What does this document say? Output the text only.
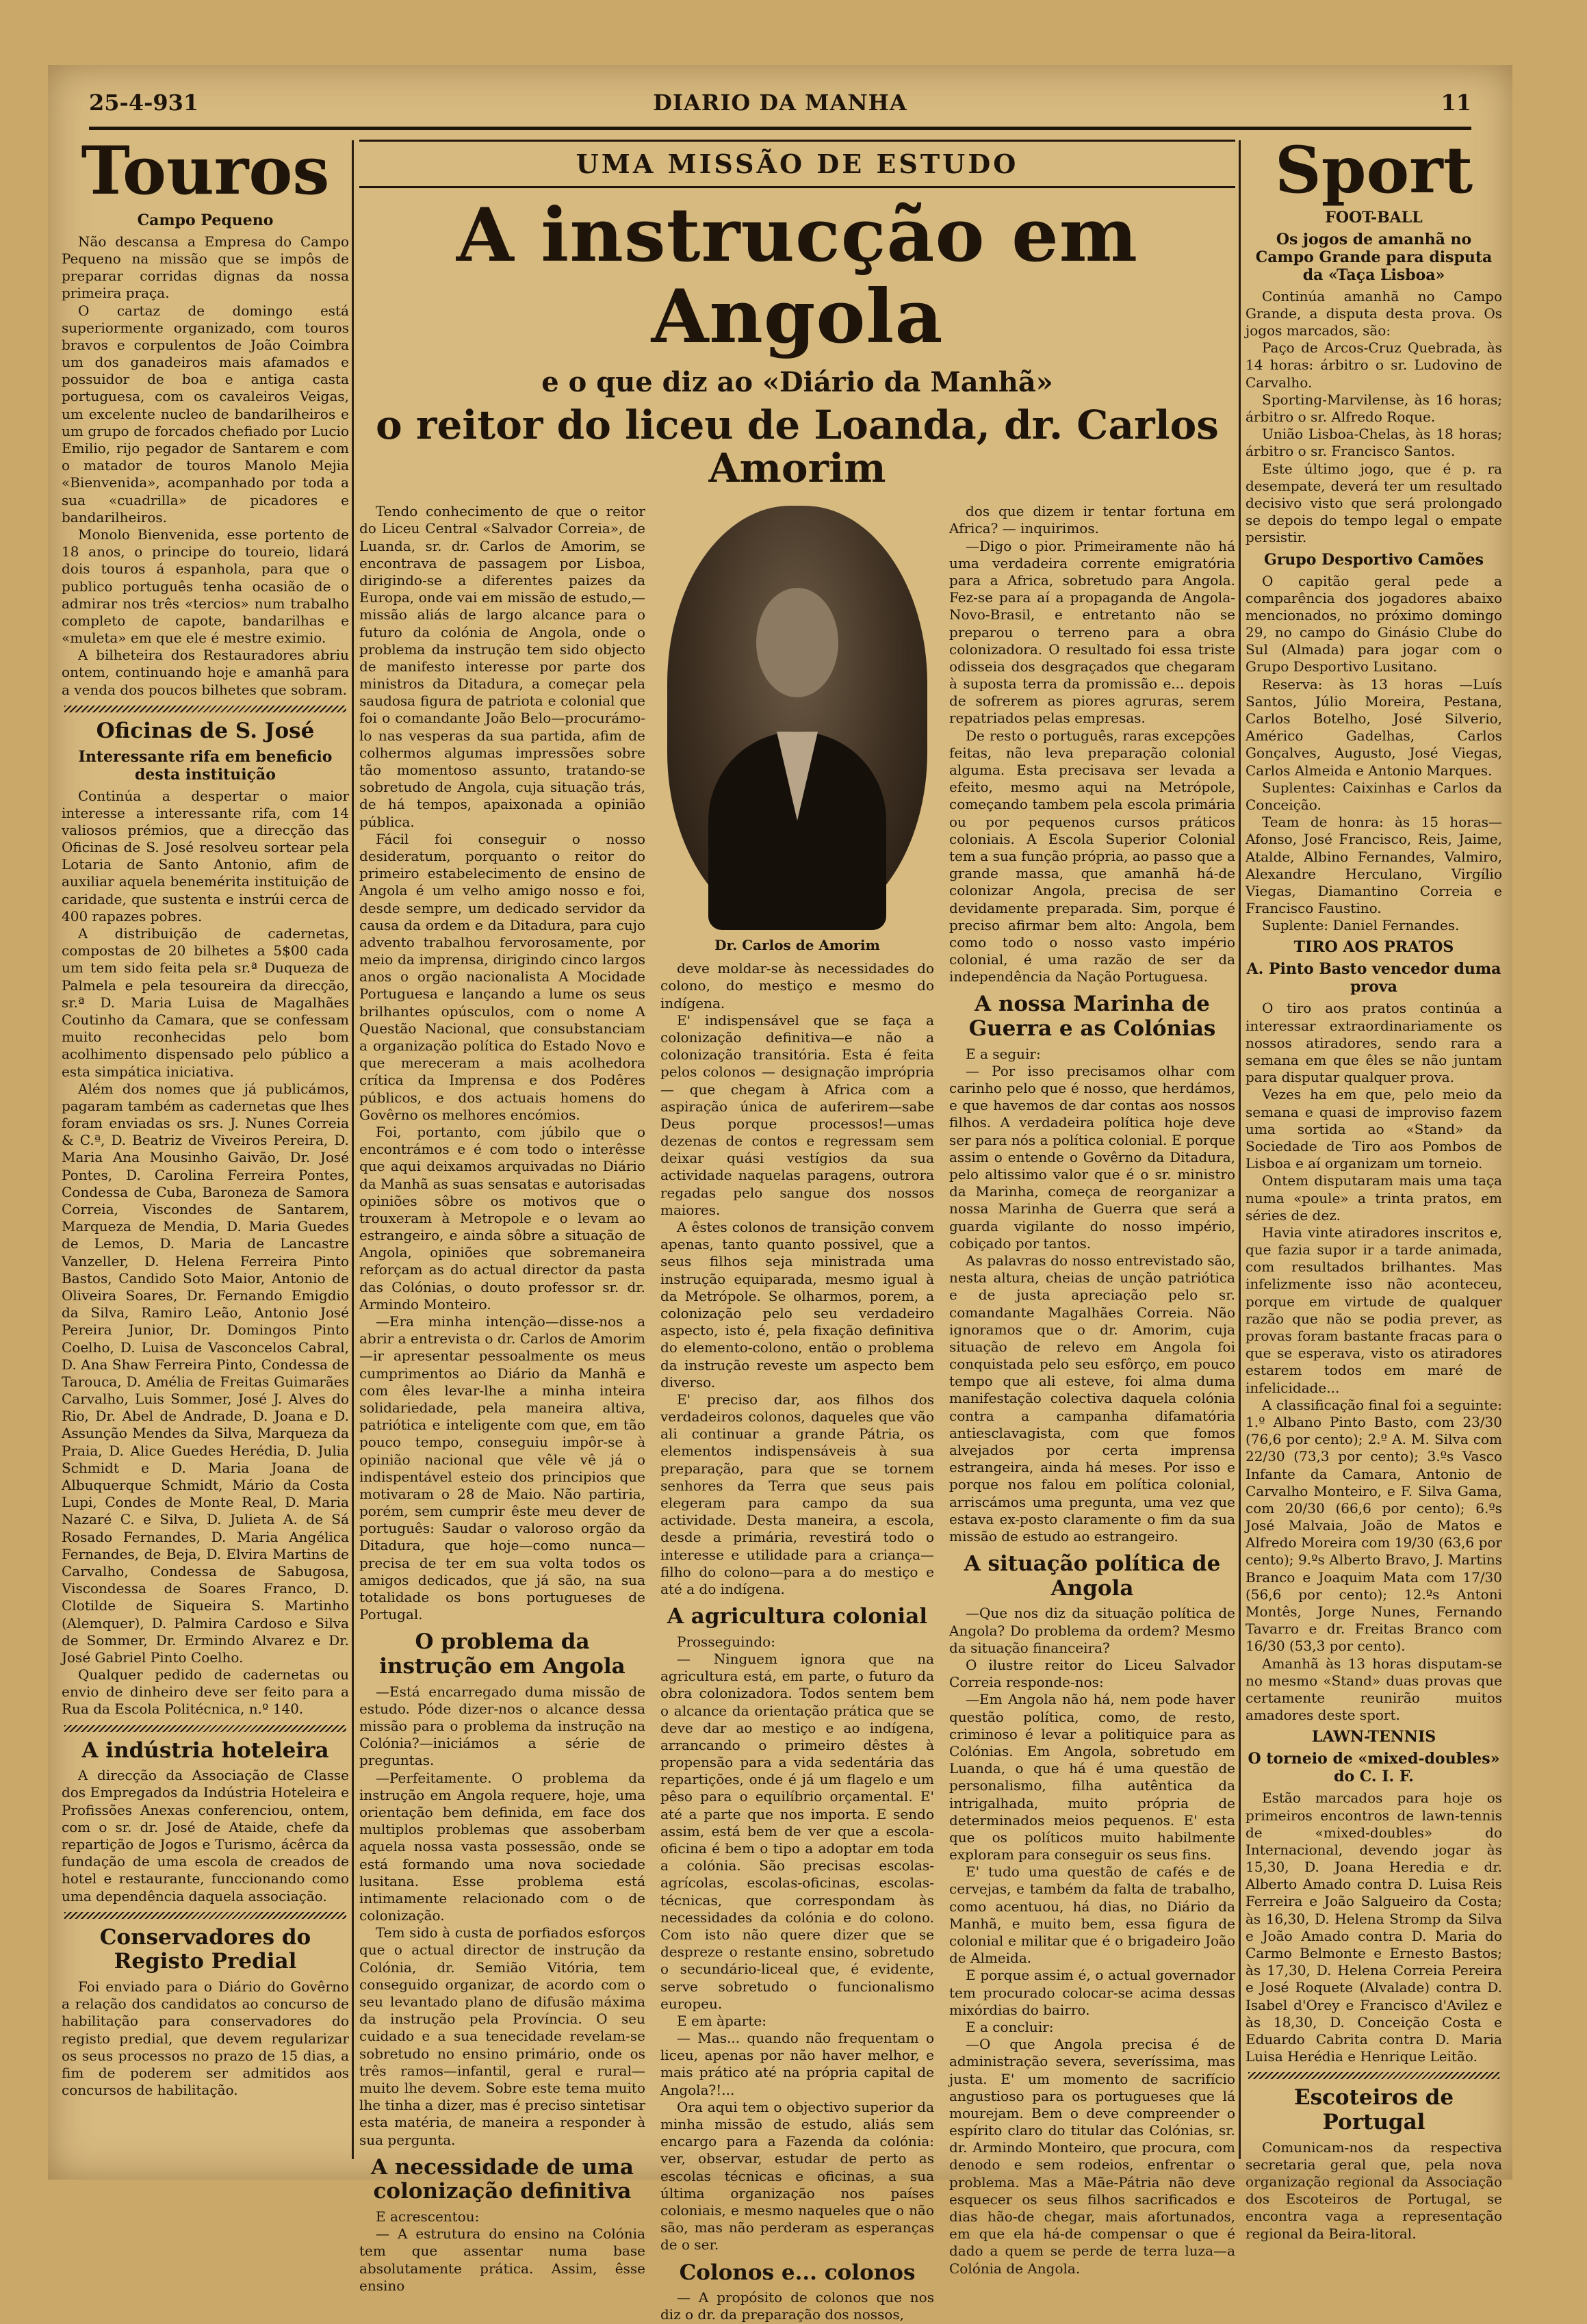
25-4-931	DIARIO DA MANHA	11
Touros
Campo Pequeno

Não descansa a Empresa do Campo Pequeno na missão que se impôs de preparar corridas dignas da nossa primeira praça.

O cartaz de domingo está superiormente organizado, com touros bravos e corpulentos de João Coimbra um dos ganadeiros mais afamados e possuidor de boa e antiga casta portuguesa, com os cavaleiros Veigas, um excelente nucleo de bandarilheiros e um grupo de forcados chefiado por Lucio Emilio, rijo pegador de Santarem e com o matador de touros Manolo Mejia «Bienvenida», acompanhado por toda a sua «cuadrilla» de picadores e bandarilheiros.

Monolo Bienvenida, esse portento de 18 anos, o principe do toureio, lidará dois touros á espanhola, para que o publico português tenha ocasião de o admirar nos três «tercios» num trabalho completo de capote, bandarilhas e «muleta» em que ele é mestre eximio.

A bilheteira dos Restauradores abriu ontem, continuando hoje e amanhã para a venda dos poucos bilhetes que sobram.

Oficinas de S. José
Interessante rifa em beneficio desta instituição

Continúa a despertar o maior interesse a interessante rifa, com 14 valiosos prémios, que a direcção das Oficinas de S. José resolveu sortear pela Lotaria de Santo Antonio, afim de auxiliar aquela benemérita instituição de caridade, que sustenta e instrúi cerca de 400 rapazes pobres.

A distribuição de cadernetas, compostas de 20 bilhetes a 5$00 cada um tem sido feita pela sr.ª Duqueza de Palmela e pela tesoureira da direcção, sr.ª D. Maria Luisa de Magalhães Coutinho da Camara, que se confessam muito reconhecidas pelo bom acolhimento dispensado pelo público a esta simpática iniciativa.

Além dos nomes que já publicámos, pagaram também as cadernetas que lhes foram enviadas os srs. J. Nunes Correia & C.ª, D. Beatriz de Viveiros Pereira, D. Maria Ana Mousinho Gaivão, Dr. José Pontes, D. Carolina Ferreira Pontes, Condessa de Cuba, Baroneza de Samora Correia, Viscondes de Santarem, Marqueza de Mendia, D. Maria Guedes de Lemos, D. Maria de Lancastre Vanzeller, D. Helena Ferreira Pinto Bastos, Candido Soto Maior, Antonio de Oliveira Soares, Dr. Fernando Emigdio da Silva, Ramiro Leão, Antonio José Pereira Junior, Dr. Domingos Pinto Coelho, D. Luisa de Vasconcelos Cabral, D. Ana Shaw Ferreira Pinto, Condessa de Tarouca, D. Amélia de Freitas Guimarães Carvalho, Luis Sommer, José J. Alves do Rio, Dr. Abel de Andrade, D. Joana e D. Assunção Mendes da Silva, Marqueza da Praia, D. Alice Guedes Herédia, D. Julia Schmidt e D. Maria Joana de Albuquerque Schmidt, Mário da Costa Lupi, Condes de Monte Real, D. Maria Nazaré C. e Silva, D. Julieta A. de Sá Rosado Fernandes, D. Maria Angélica Fernandes, de Beja, D. Elvira Martins de Carvalho, Condessa de Sabugosa, Viscondessa de Soares Franco, D. Clotilde de Siqueira S. Martinho (Alemquer), D. Palmira Cardoso e Silva de Sommer, Dr. Ermindo Alvarez e Dr. José Gabriel Pinto Coelho.

Qualquer pedido de cadernetas ou envio de dinheiro deve ser feito para a Rua da Escola Politécnica, n.º 140.

A indústria hoteleira

A direcção da Associação de Classe dos Empregados da Indústria Hoteleira e Profissões Anexas conferenciou, ontem, com o sr. dr. José de Ataide, chefe da repartição de Jogos e Turismo, ácêrca da fundação de uma escola de creados de hotel e restaurante, funccionando como uma dependência daquela associação.

Conservadores do Registo Predial

Foi enviado para o Diário do Govêrno a relação dos candidatos ao concurso de habilitação para conservadores do registo predial, que devem regularizar os seus processos no prazo de 15 dias, a fim de poderem ser admitidos aos concursos de habilitação.

UMA MISSÃO DE ESTUDO
A instrucção em Angola
e o que diz ao «Diário da Manhã»
o reitor do liceu de Loanda, dr. Carlos Amorim

Tendo conhecimento de que o reitor do Liceu Central «Salvador Correia», de Luanda, sr. dr. Carlos de Amorim, se encontrava de passagem por Lisboa, dirigindo-se a diferentes paizes da Europa, onde vai em missão de estudo,—missão aliás de largo alcance para o futuro da colónia de Angola, onde o problema da instrução tem sido objecto de manifesto interesse por parte dos ministros da Ditadura, a começar pela saudosa figura de patriota e colonial que foi o comandante João Belo—procurámo-lo nas vesperas da sua partida, afim de colhermos algumas impressões sobre tão momentoso assunto, tratando-se sobretudo de Angola, cuja situação trás, de há tempos, apaixonada a opinião pública.

Fácil foi conseguir o nosso desideratum, porquanto o reitor do primeiro estabelecimento de ensino de Angola é um velho amigo nosso e foi, desde sempre, um dedicado servidor da causa da ordem e da Ditadura, para cujo advento trabalhou fervorosamente, por meio da imprensa, dirigindo cinco largos anos o orgão nacionalista A Mocidade Portuguesa e lançando a lume os seus brilhantes opúsculos, com o nome A Questão Nacional, que consubstanciam a organização política do Estado Novo e que mereceram a mais acolhedora crítica da Imprensa e dos Podêres públicos, e dos actuais homens do Govêrno os melhores encómios.

Foi, portanto, com júbilo que o encontrámos e é com todo o interêsse que aqui deixamos arquivadas no Diário da Manhã as suas sensatas e autorisadas opiniões sôbre os motivos que o trouxeram à Metropole e o levam ao estrangeiro, e ainda sôbre a situação de Angola, opiniões que sobremaneira reforçam as do actual director da pasta das Colónias, o douto professor sr. dr. Armindo Monteiro.

—Era minha intenção—disse-nos a abrir a entrevista o dr. Carlos de Amorim—ir apresentar pessoalmente os meus cumprimentos ao Diário da Manhã e com êles levar-lhe a minha inteira solidariedade, pela maneira altiva, patriótica e inteligente com que, em tão pouco tempo, conseguiu impôr-se à opinião nacional que vêle vê já o indispentável esteio dos principios que motivaram o 28 de Maio. Não partiria, porém, sem cumprir êste meu dever de português: Saudar o valoroso orgão da Ditadura, que hoje—como nunca—precisa de ter em sua volta todos os amigos dedicados, que já são, na sua totalidade os bons portugueses de Portugal.

O problema da instrução em Angola

—Está encarregado duma missão de estudo. Póde dizer-nos o alcance dessa missão para o problema da instrução na Colónia?—iniciámos a série de preguntas.

—Perfeitamente. O problema da instrução em Angola requere, hoje, uma orientação bem definida, em face dos multiplos problemas que assoberbam aquela nossa vasta possessão, onde se está formando uma nova sociedade lusitana. Esse problema está intimamente relacionado com o de colonização.

Tem sido à custa de porfiados esforços que o actual director de instrução da Colónia, dr. Semião Vitória, tem conseguido organizar, de acordo com o seu levantado plano de difusão máxima da instrução pela Província. O seu cuidado e a sua tenecidade revelam-se sobretudo no ensino primário, onde os três ramos—infantil, geral e rural—muito lhe devem. Sobre este tema muito lhe tinha a dizer, mas é preciso sintetisar esta matéria, de maneira a responder à sua pergunta.

A necessidade de uma colonização definitiva

E acrescentou:

— A estrutura do ensino na Colónia tem que assentar numa base absolutamente prática. Assim, êsse ensino

Dr. Carlos de Amorim

deve moldar-se às necessidades do colono, do mestiço e mesmo do indígena.

E' indispensável que se faça a colonização definitiva—e não a colonização transitória. Esta é feita pelos colonos — designação imprópria — que chegam à Africa com a aspiração única de auferirem—sabe Deus porque processos!—umas dezenas de contos e regressam sem deixar quási vestígios da sua actividade naquelas paragens, outrora regadas pelo sangue dos nossos maiores.

A êstes colonos de transição convem apenas, tanto quanto possivel, que a seus filhos seja ministrada uma instrução equiparada, mesmo igual à da Metrópole. Se olharmos, porem, a colonização pelo seu verdadeiro aspecto, isto é, pela fixação definitiva do elemento-colono, então o problema da instrução reveste um aspecto bem diverso.

E' preciso dar, aos filhos dos verdadeiros colonos, daqueles que vão ali continuar a grande Pátria, os elementos indispensáveis à sua preparação, para que se tornem senhores da Terra que seus pais elegeram para campo da sua actividade. Desta maneira, a escola, desde a primária, revestirá todo o interesse e utilidade para a criança—filho do colono—para a do mestiço e até a do indígena.

A agricultura colonial

Prosseguindo:

— Ninguem ignora que na agricultura está, em parte, o futuro da obra colonizadora. Todos sentem bem o alcance da orientação prática que se deve dar ao mestiço e ao indígena, arrancando o primeiro dêstes à propensão para a vida sedentária das repartições, onde é já um flagelo e um pêso para o equilíbrio orçamental. E' até a parte que nos importa. E sendo assim, está bem de ver que a escola-oficina é bem o tipo a adoptar em toda a colónia. São precisas escolas-agrícolas, escolas-oficinas, escolas-técnicas, que correspondam às necessidades da colónia e do colono. Com isto não quere dizer que se despreze o restante ensino, sobretudo o secundário-liceal que, é evidente, serve sobretudo o funcionalismo europeu.

E em àparte:

— Mas... quando não frequentam o liceu, apenas por não haver melhor, e mais prático até na própria capital de Angola?!...

Ora aqui tem o objectivo superior da minha missão de estudo, aliás sem encargo para a Fazenda da colónia: ver, observar, estudar de perto as escolas técnicas e oficinas, a sua última organização nos países coloniais, e mesmo naqueles que o não são, mas não perderam as esperanças de o ser.

Colonos e... colonos

— A propósito de colonos que nos diz o dr. da preparação dos nossos,

dos que dizem ir tentar fortuna em Africa? — inquirimos.

—Digo o pior. Primeiramente não há uma verdadeira corrente emigratória para a Africa, sobretudo para Angola. Fez-se para aí a propaganda de Angola-Novo-Brasil, e entretanto não se preparou o terreno para a obra colonizadora. O resultado foi essa triste odisseia dos desgraçados que chegaram à suposta terra da promissão e... depois de sofrerem as piores agruras, serem repatriados pelas empresas.

De resto o português, raras excepções feitas, não leva preparação colonial alguma. Esta precisava ser levada a efeito, mesmo aqui na Metrópole, começando tambem pela escola primária ou por pequenos cursos práticos coloniais. A Escola Superior Colonial tem a sua função própria, ao passo que a grande massa, que amanhã há-de colonizar Angola, precisa de ser devidamente preparada. Sim, porque é preciso afirmar bem alto: Angola, bem como todo o nosso vasto império colonial, é uma razão de ser da independência da Nação Portuguesa.

A nossa Marinha de Guerra e as Colónias

E a seguir:

— Por isso precisamos olhar com carinho pelo que é nosso, que herdámos, e que havemos de dar contas aos nossos filhos. A verdadeira política hoje deve ser para nós a política colonial. E porque assim o entende o Govêrno da Ditadura, pelo altissimo valor que é o sr. ministro da Marinha, começa de reorganizar a nossa Marinha de Guerra que será a guarda vigilante do nosso império, cobiçado por tantos.

As palavras do nosso entrevistado são, nesta altura, cheias de unção patriótica e de justa apreciação pelo sr. comandante Magalhães Correia. Não ignoramos que o dr. Amorim, cuja situação de relevo em Angola foi conquistada pelo seu esfôrço, em pouco tempo que ali esteve, foi alma duma manifestação colectiva daquela colónia contra a campanha difamatória antiesclavagista, com que fomos alvejados por certa imprensa estrangeira, ainda há meses. Por isso e porque nos falou em política colonial, arriscámos uma pregunta, uma vez que estava ex-posto claramente o fim da sua missão de estudo ao estrangeiro.

A situação política de Angola

—Que nos diz da situação política de Angola? Do problema da ordem? Mesmo da situação financeira?

O ilustre reitor do Liceu Salvador Correia responde-nos:

—Em Angola não há, nem pode haver questão política, como, de resto, criminoso é levar a politiquice para as Colónias. Em Angola, sobretudo em Luanda, o que há é uma questão de personalismo, filha autêntica da intrigalhada, muito própria de determinados meios pequenos. E' esta que os políticos muito habilmente exploram para conseguir os seus fins.

E' tudo uma questão de cafés e de cervejas, e também da falta de trabalho, como acentuou, há dias, no Diário da Manhã, e muito bem, essa figura de colonial e militar que é o brigadeiro João de Almeida.

E porque assim é, o actual governador tem procurado colocar-se acima dessas mixórdias do bairro.

E a concluir:

—O que Angola precisa é de administração severa, severíssima, mas justa. E' um momento de sacrifício angustioso para os portugueses que lá mourejam. Bem o deve compreender o espírito claro do titular das Colónias, sr. dr. Armindo Monteiro, que procura, com denodo e sem rodeios, enfrentar o problema. Mas a Mãe-Pátria não deve esquecer os seus filhos sacrificados e dias hão-de chegar, mais afortunados, em que ela há-de compensar o que é dado a quem se perde de terra luza—a Colónia de Angola.

Sport
FOOT-BALL
Os jogos de amanhã no Campo Grande para disputa da «Taça Lisboa»

Continúa amanhã no Campo Grande, a disputa desta prova. Os jogos marcados, são:

Paço de Arcos-Cruz Quebrada, às 14 horas: árbitro o sr. Ludovino de Carvalho.

Sporting-Marvilense, às 16 horas; árbitro o sr. Alfredo Roque.

União Lisboa-Chelas, às 18 horas; árbitro o sr. Francisco Santos.

Este último jogo, que é p. ra desempate, deverá ter um resultado decisivo visto que será prolongado se depois do tempo legal o empate persistir.

Grupo Desportivo Camões

O capitão geral pede a comparência dos jogadores abaixo mencionados, no próximo domingo 29, no campo do Ginásio Clube do Sul (Almada) para jogar com o Grupo Desportivo Lusitano.

Reserva: às 13 horas —Luís Santos, Júlio Moreira, Pestana, Carlos Botelho, José Silverio, Américo Gadelhas, Carlos Gonçalves, Augusto, José Viegas, Carlos Almeida e Antonio Marques.

Suplentes: Caixinhas e Carlos da Conceição.

Team de honra: às 15 horas—Afonso, José Francisco, Reis, Jaime, Atalde, Albino Fernandes, Valmiro, Alexandre Herculano, Virgílio Viegas, Diamantino Correia e Francisco Faustino.

Suplente: Daniel Fernandes.

TIRO AOS PRATOS
A. Pinto Basto vencedor duma prova

O tiro aos pratos continúa a interessar extraordinariamente os nossos atiradores, sendo rara a semana em que êles se não juntam para disputar qualquer prova.

Vezes ha em que, pelo meio da semana e quasi de improviso fazem uma sortida ao «Stand» da Sociedade de Tiro aos Pombos de Lisboa e aí organizam um torneio.

Ontem disputaram mais uma taça numa «poule» a trinta pratos, em séries de dez.

Havia vinte atiradores inscritos e, que fazia supor ir a tarde animada, com resultados brilhantes. Mas infelizmente isso não aconteceu, porque em virtude de qualquer razão que não se podia prever, as provas foram bastante fracas para o que se esperava, visto os atiradores estarem todos em maré de infelicidade...

A classificação final foi a seguinte: 1.º Albano Pinto Basto, com 23/30 (76,6 por cento); 2.º A. M. Silva com 22/30 (73,3 por cento); 3.ºs Vasco Infante da Camara, Antonio de Carvalho Monteiro, e F. Silva Gama, com 20/30 (66,6 por cento); 6.ºs José Malvaia, João de Matos e Alfredo Moreira com 19/30 (63,6 por cento); 9.ºs Alberto Bravo, J. Martins Branco e Joaquim Mata com 17/30 (56,6 por cento); 12.ºs Antoni Montês, Jorge Nunes, Fernando Tavarro e dr. Freitas Branco com 16/30 (53,3 por cento).

Amanhã às 13 horas disputam-se no mesmo «Stand» duas provas que certamente reunirão muitos amadores deste sport.

LAWN-TENNIS
O torneio de «mixed-doubles» do C. I. F.

Estão marcados para hoje os primeiros encontros de lawn-tennis de «mixed-doubles» do Internacional, devendo jogar às 15,30, D. Joana Heredia e dr. Alberto Amado contra D. Luisa Reis Ferreira e João Salgueiro da Costa; às 16,30, D. Helena Stromp da Silva e João Amado contra D. Maria do Carmo Belmonte e Ernesto Bastos; às 17,30, D. Helena Correia Pereira e José Roquete (Alvalade) contra D. Isabel d'Orey e Francisco d'Avilez e às 18,30, D. Conceição Costa e Eduardo Cabrita contra D. Maria Luisa Herédia e Henrique Leitão.

Escoteiros de Portugal

Comunicam-nos da respectiva secretaria geral que, pela nova organização regional da Associação dos Escoteiros de Portugal, se encontra vaga a representação regional da Beira-litoral.
